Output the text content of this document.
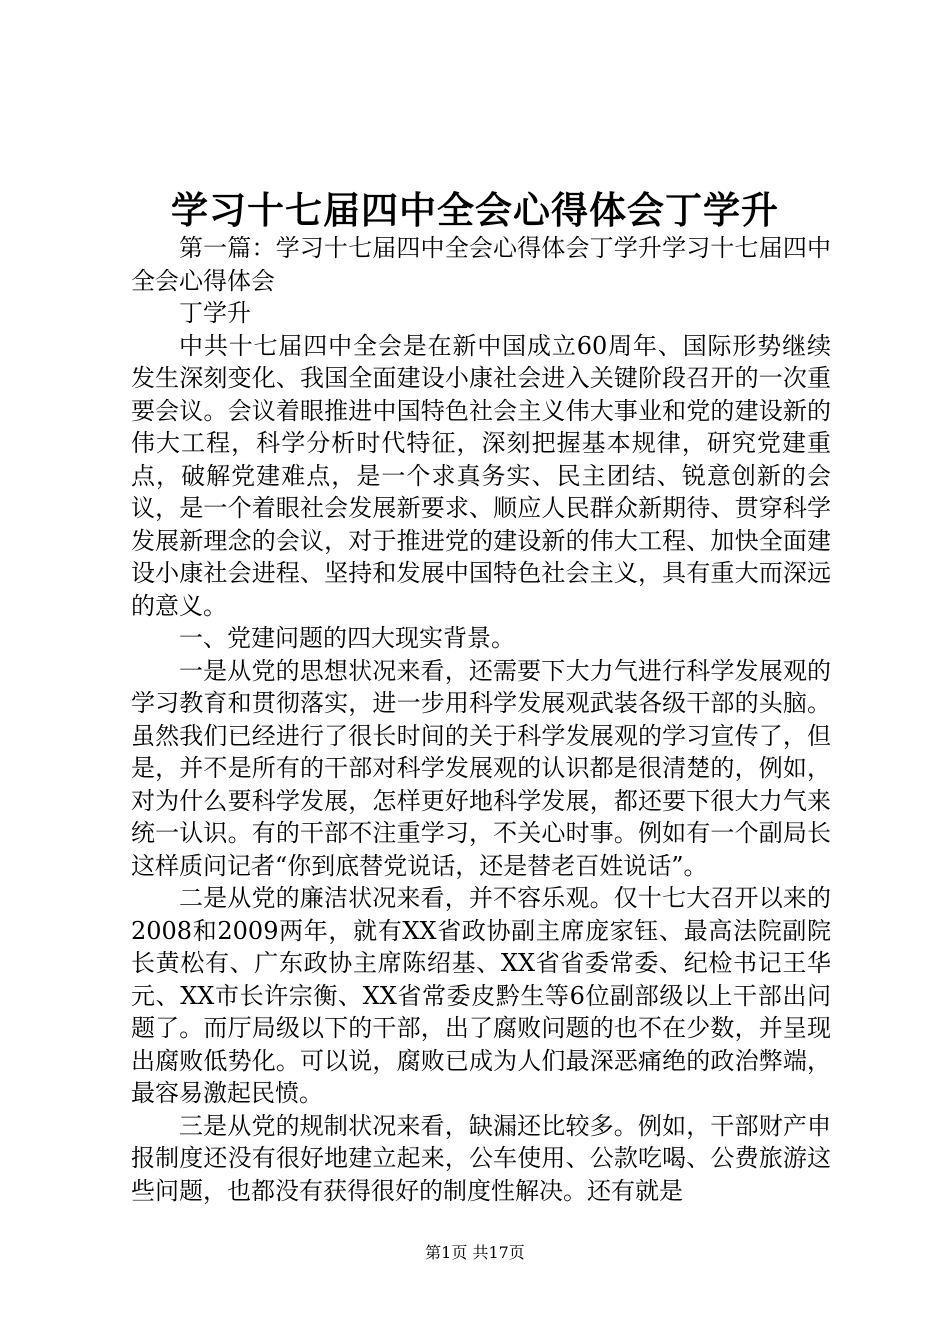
学习十七届四中全会心得体会丁学升

第一篇：学习十七届四中全会心得体会丁学升学习十七届四中全会心得体会

丁学升

中共十七届四中全会是在新中国成立60周年、国际形势继续发生深刻变化、我国全面建设小康社会进入关键阶段召开的一次重要会议。会议着眼推进中国特色社会主义伟大事业和党的建设新的伟大工程，科学分析时代特征，深刻把握基本规律，研究党建重点，破解党建难点，是一个求真务实、民主团结、锐意创新的会议，是一个着眼社会发展新要求、顺应人民群众新期待、贯穿科学发展新理念的会议，对于推进党的建设新的伟大工程、加快全面建设小康社会进程、坚持和发展中国特色社会主义，具有重大而深远的意义。

一、党建问题的四大现实背景。

一是从党的思想状况来看，还需要下大力气进行科学发展观的学习教育和贯彻落实，进一步用科学发展观武装各级干部的头脑。虽然我们已经进行了很长时间的关于科学发展观的学习宣传了，但是，并不是所有的干部对科学发展观的认识都是很清楚的，例如，对为什么要科学发展，怎样更好地科学发展，都还要下很大力气来统一认识。有的干部不注重学习，不关心时事。例如有一个副局长这样质问记者“你到底替党说话，还是替老百姓说话”。

二是从党的廉洁状况来看，并不容乐观。仅十七大召开以来的2008和2009两年，就有XX省政协副主席庞家钰、最高法院副院长黄松有、广东政协主席陈绍基、XX省省委常委、纪检书记王华元、XX市长许宗衡、XX省常委皮黔生等6位副部级以上干部出问题了。而厅局级以下的干部，出了腐败问题的也不在少数，并呈现出腐败低势化。可以说，腐败已成为人们最深恶痛绝的政治弊端，最容易激起民愤。

三是从党的规制状况来看，缺漏还比较多。例如，干部财产申报制度还没有很好地建立起来，公车使用、公款吃喝、公费旅游这些问题，也都没有获得很好的制度性解决。还有就是

第1页 共17页
